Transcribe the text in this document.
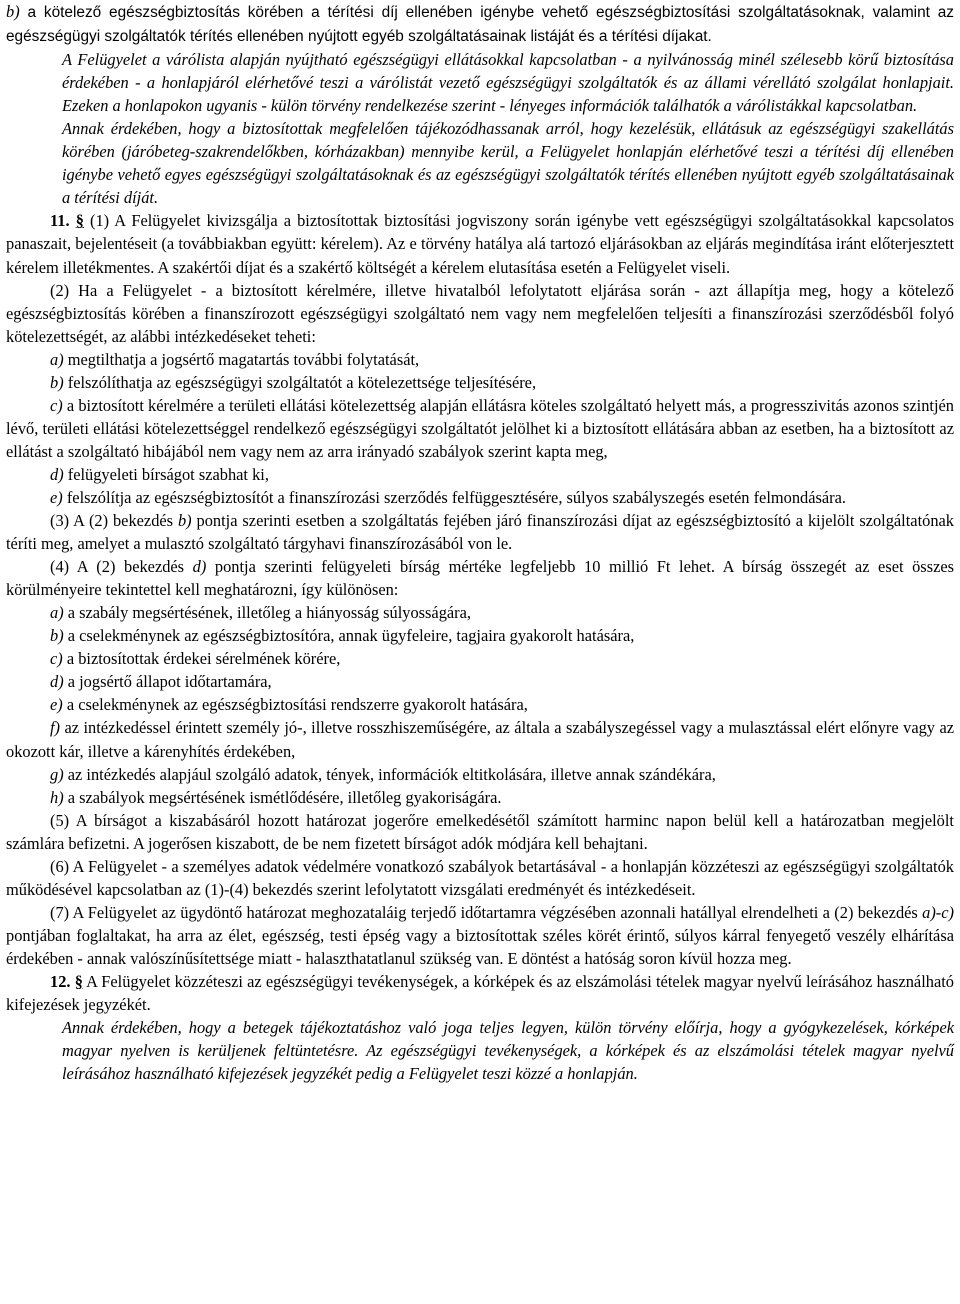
b) a kötelező egészségbiztosítás körében a térítési díj ellenében igénybe vehető egészségbiztosítási szolgáltatásoknak, valamint az egészségügyi szolgáltatók térítés ellenében nyújtott egyéb szolgáltatásainak listáját és a térítési díjakat.

A Felügyelet a várólista alapján nyújtható egészségügyi ellátásokkal kapcsolatban - a nyilvánosság minél szélesebb körű biztosítása érdekében - a honlapjáról elérhetővé teszi a várólistát vezető egészségügyi szolgáltatók és az állami vérellátó szolgálat honlapjait. Ezeken a honlapokon ugyanis - külön törvény rendelkezése szerint - lényeges információk találhatók a várólistákkal kapcsolatban.

Annak érdekében, hogy a biztosítottak megfelelően tájékozódhassanak arról, hogy kezelésük, ellátásuk az egészségügyi szakellátás körében (járóbeteg-szakrendelőkben, kórházakban) mennyibe kerül, a Felügyelet honlapján elérhetővé teszi a térítési díj ellenében igénybe vehető egyes egészségügyi szolgáltatásoknak és az egészségügyi szolgáltatók térítés ellenében nyújtott egyéb szolgáltatásainak a térítési díját.

11. § (1) A Felügyelet kivizsgálja a biztosítottak biztosítási jogviszony során igénybe vett egészségügyi szolgáltatásokkal kapcsolatos panaszait, bejelentéseit (a továbbiakban együtt: kérelem). Az e törvény hatálya alá tartozó eljárásokban az eljárás megindítása iránt előterjesztett kérelem illetékmentes. A szakértői díjat és a szakértő költségét a kérelem elutasítása esetén a Felügyelet viseli.

(2) Ha a Felügyelet - a biztosított kérelmére, illetve hivatalból lefolytatott eljárása során - azt állapítja meg, hogy a kötelező egészségbiztosítás körében a finanszírozott egészségügyi szolgáltató nem vagy nem megfelelően teljesíti a finanszírozási szerződésből folyó kötelezettségét, az alábbi intézkedéseket teheti:

a) megtilthatja a jogsértő magatartás további folytatását,

b) felszólíthatja az egészségügyi szolgáltatót a kötelezettsége teljesítésére,

c) a biztosított kérelmére a területi ellátási kötelezettség alapján ellátásra köteles szolgáltató helyett más, a progresszivitás azonos szintjén lévő, területi ellátási kötelezettséggel rendelkező egészségügyi szolgáltatót jelölhet ki a biztosított ellátására abban az esetben, ha a biztosított az ellátást a szolgáltató hibájából nem vagy nem az arra irányadó szabályok szerint kapta meg,

d) felügyeleti bírságot szabhat ki,

e) felszólítja az egészségbiztosítót a finanszírozási szerződés felfüggesztésére, súlyos szabályszegés esetén felmondására.

(3) A (2) bekezdés b) pontja szerinti esetben a szolgáltatás fejében járó finanszírozási díjat az egészségbiztosító a kijelölt szolgáltatónak téríti meg, amelyet a mulasztó szolgáltató tárgyhavi finanszírozásából von le.

(4) A (2) bekezdés d) pontja szerinti felügyeleti bírság mértéke legfeljebb 10 millió Ft lehet. A bírság összegét az eset összes körülményeire tekintettel kell meghatározni, így különösen:

a) a szabály megsértésének, illetőleg a hiányosság súlyosságára,

b) a cselekménynek az egészségbiztosítóra, annak ügyfeleire, tagjaira gyakorolt hatására,

c) a biztosítottak érdekei sérelmének körére,

d) a jogsértő állapot időtartamára,

e) a cselekménynek az egészségbiztosítási rendszerre gyakorolt hatására,

f) az intézkedéssel érintett személy jó-, illetve rosszhiszeműségére, az általa a szabályszegéssel vagy a mulasztással elért előnyre vagy az okozott kár, illetve a kárenyhítés érdekében,

g) az intézkedés alapjául szolgáló adatok, tények, információk eltitkolására, illetve annak szándékára,

h) a szabályok megsértésének ismétlődésére, illetőleg gyakoriságára.

(5) A bírságot a kiszabásáról hozott határozat jogerőre emelkedésétől számított harminc napon belül kell a határozatban megjelölt számlára befizetni. A jogerősen kiszabott, de be nem fizetett bírságot adók módjára kell behajtani.

(6) A Felügyelet - a személyes adatok védelmére vonatkozó szabályok betartásával - a honlapján közzéteszi az egészségügyi szolgáltatók működésével kapcsolatban az (1)-(4) bekezdés szerint lefolytatott vizsgálati eredményét és intézkedéseit.

(7) A Felügyelet az ügydöntő határozat meghozataláig terjedő időtartamra végzésében azonnali hatállyal elrendelheti a (2) bekezdés a)-c) pontjában foglaltakat, ha arra az élet, egészség, testi épség vagy a biztosítottak széles körét érintő, súlyos kárral fenyegető veszély elhárítása érdekében - annak valószínűsítettsége miatt - halaszthatatlanul szükség van. E döntést a hatóság soron kívül hozza meg.

12. § A Felügyelet közzéteszi az egészségügyi tevékenységek, a kórképek és az elszámolási tételek magyar nyelvű leírásához használható kifejezések jegyzékét.

Annak érdekében, hogy a betegek tájékoztatáshoz való joga teljes legyen, külön törvény előírja, hogy a gyógykezelések, kórképek magyar nyelven is kerüljenek feltüntetésre. Az egészségügyi tevékenységek, a kórképek és az elszámolási tételek magyar nyelvű leírásához használható kifejezések jegyzékét pedig a Felügyelet teszi közzé a honlapján.
